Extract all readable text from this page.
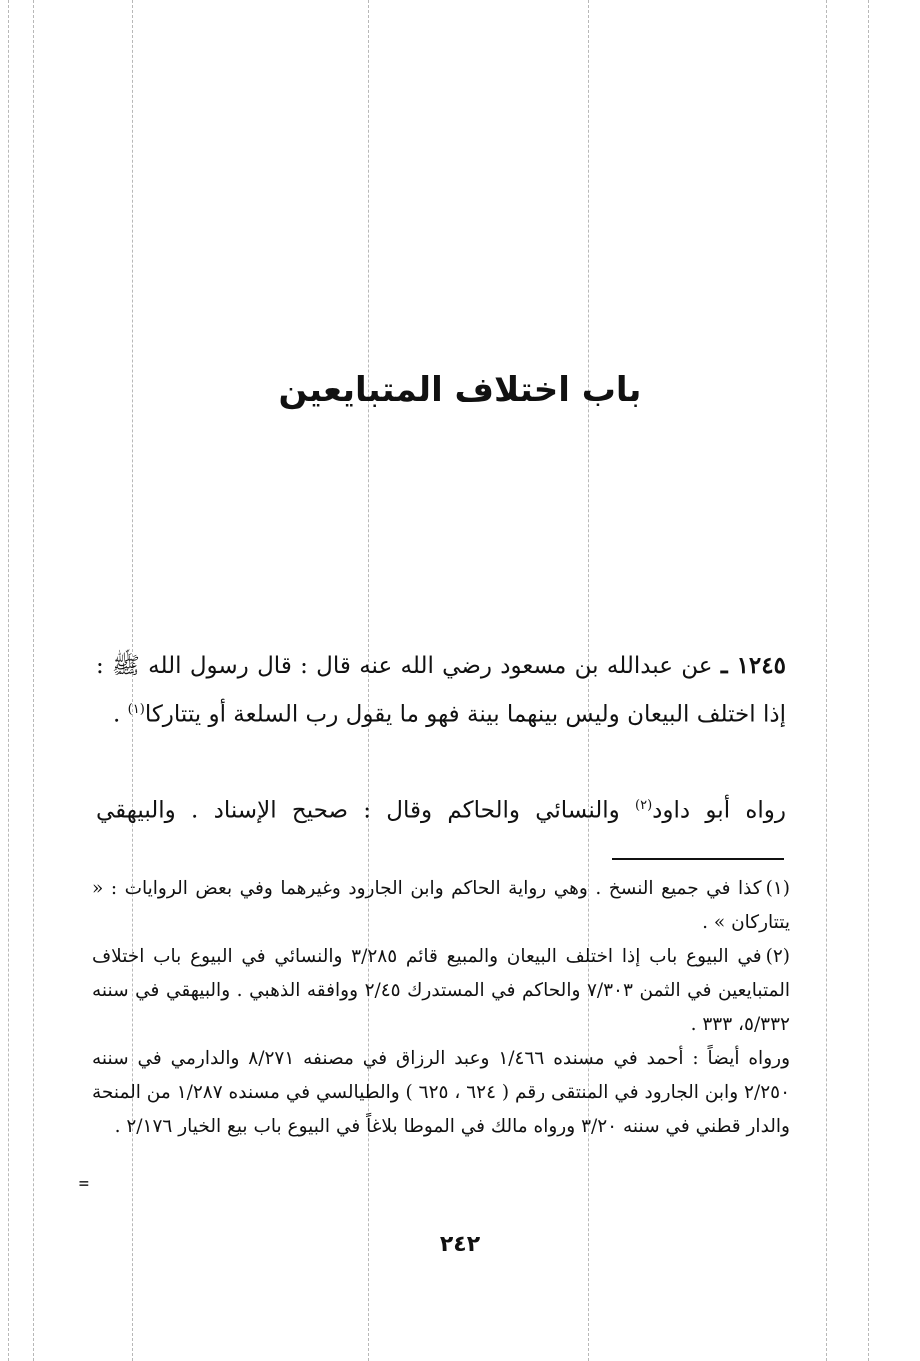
باب اختلاف المتبايعين

١٢٤٥ ـ عن عبدالله بن مسعود رضي الله عنه قال : قال رسول الله ﷺ : إذا اختلف البيعان وليس بينهما بينة فهو ما يقول رب السلعة أو يتتاركا$^{(١)}$ .

رواه أبو داود$^{(٢)}$ والنسائي والحاكم وقال : صحيح الإسناد . والبيهقي

(١)كذا في جميع النسخ . وهي رواية الحاكم وابن الجارود وغيرهما وفي بعض الروايات : « يتتاركان » .

(٢)في البيوع باب إذا اختلف البيعان والمبيع قائم ٣/٢٨٥ والنسائي في البيوع باب اختلاف المتبايعين في الثمن ٧/٣٠٣ والحاكم في المستدرك ٢/٤٥ ووافقه الذهبي . والبيهقي في سننه ٥/٣٣٢، ٣٣٣ .

ورواه أيضاً : أحمد في مسنده ١/٤٦٦ وعبد الرزاق في مصنفه ٨/٢٧١ والدارمي في سننه ٢/٢٥٠ وابن الجارود في المنتقى رقم ( ٦٢٤ ، ٦٢٥ ) والطيالسي في مسنده ١/٢٨٧ من المنحة والدار قطني في سننه ٣/٢٠ ورواه مالك في الموطا بلاغاً في البيوع باب بيع الخيار ٢/١٧٦ .

=
٢٤٢
